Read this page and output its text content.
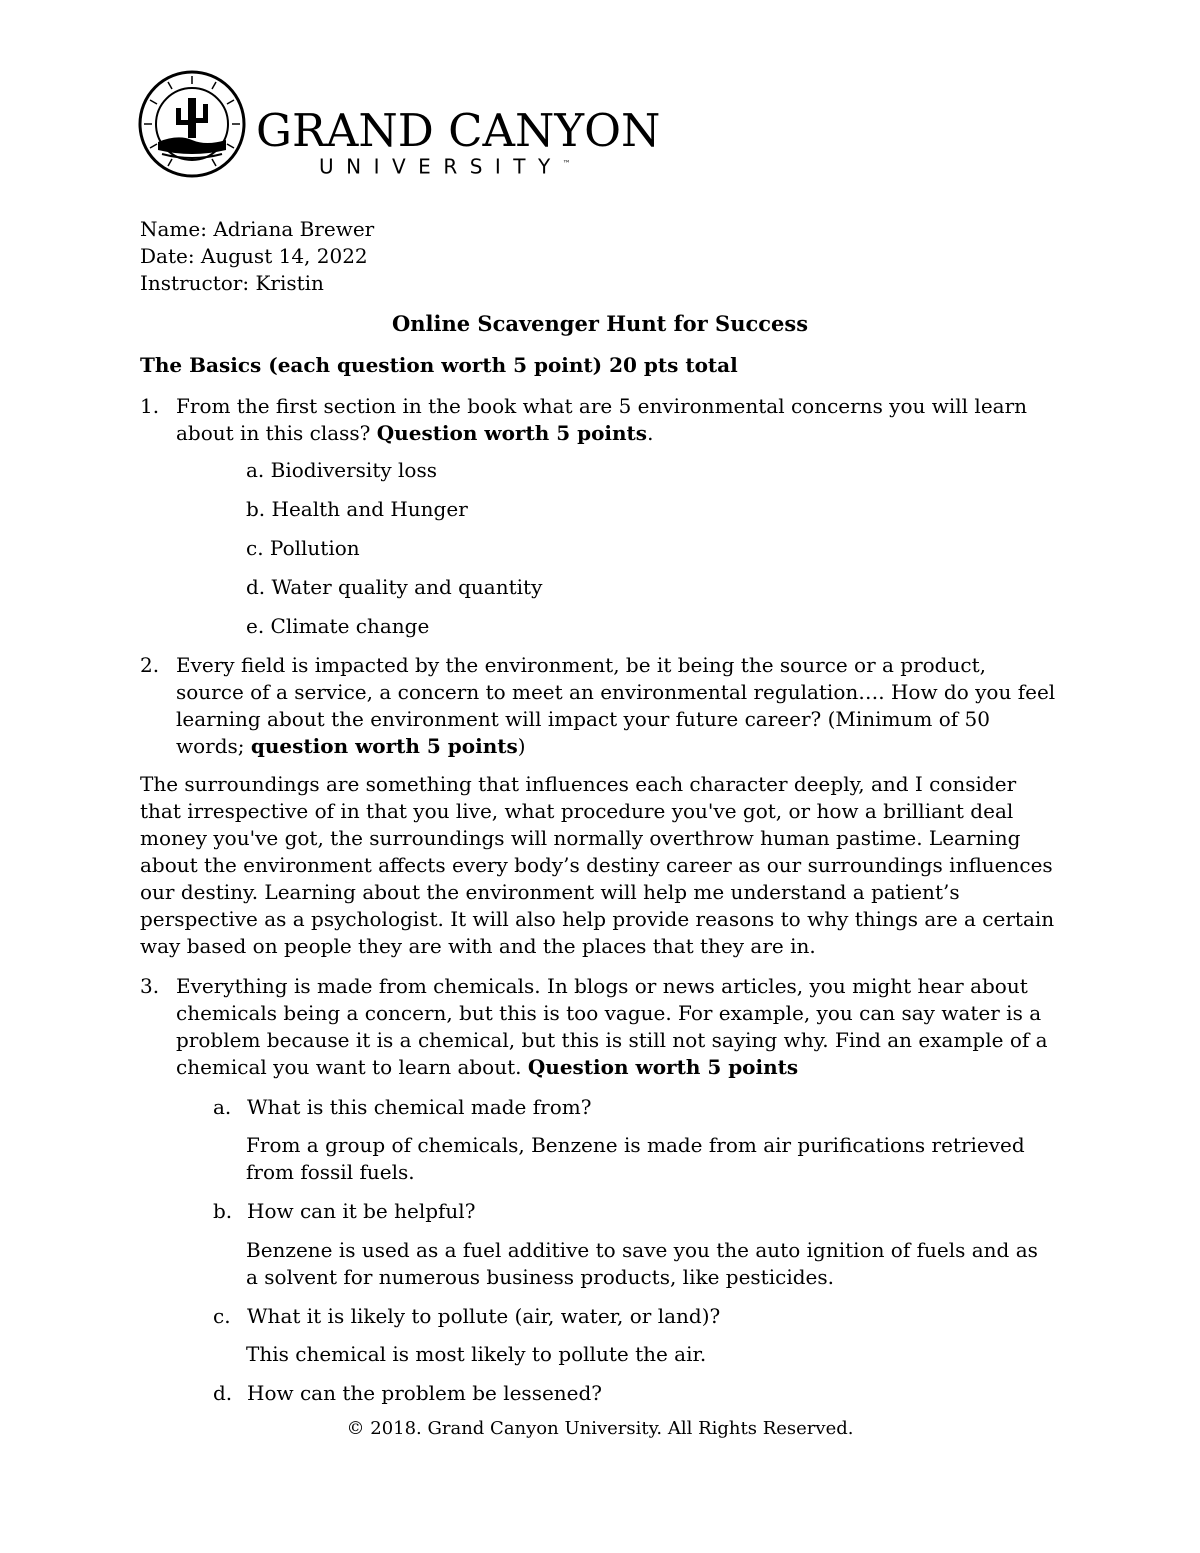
GRAND CANYON
UNIVERSITY™
Name: Adriana Brewer
Date: August 14, 2022
Instructor: Kristin
Online Scavenger Hunt for Success
The Basics (each question worth 5 point) 20 pts total
1. From the first section in the book what are 5 environmental concerns you will learn about in this class? Question worth 5 points.
a. Biodiversity loss
b. Health and Hunger
c. Pollution
d. Water quality and quantity
e. Climate change
2. Every field is impacted by the environment, be it being the source or a product, source of a service, a concern to meet an environmental regulation…. How do you feel learning about the environment will impact your future career? (Minimum of 50 words; question worth 5 points)
The surroundings are something that influences each character deeply, and I consider that irrespective of in that you live, what procedure you've got, or how a brilliant deal money you've got, the surroundings will normally overthrow human pastime. Learning about the environment affects every body’s destiny career as our surroundings influences our destiny. Learning about the environment will help me understand a patient’s perspective as a psychologist. It will also help provide reasons to why things are a certain way based on people they are with and the places that they are in.
3. Everything is made from chemicals. In blogs or news articles, you might hear about chemicals being a concern, but this is too vague. For example, you can say water is a problem because it is a chemical, but this is still not saying why. Find an example of a chemical you want to learn about. Question worth 5 points
a. What is this chemical made from?
From a group of chemicals, Benzene is made from air purifications retrieved from fossil fuels.
b. How can it be helpful?
Benzene is used as a fuel additive to save you the auto ignition of fuels and as a solvent for numerous business products, like pesticides.
c. What it is likely to pollute (air, water, or land)?
This chemical is most likely to pollute the air.
d. How can the problem be lessened?
© 2018. Grand Canyon University. All Rights Reserved.
